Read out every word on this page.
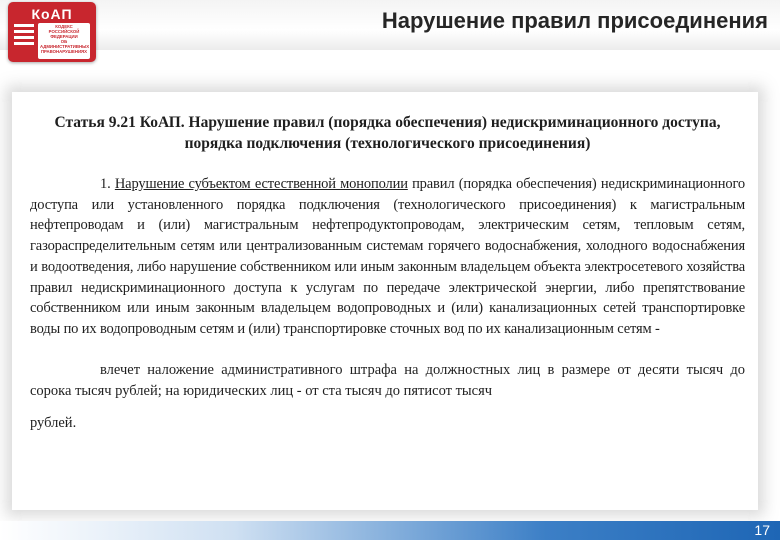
КоАП
КОДЕКС
РОССИЙСКОЙ ФЕДЕРАЦИИ
ОБ АДМИНИСТРАТИВНЫХ
ПРАВОНАРУШЕНИЯХ
Нарушение правил присоединения

Статья 9.21 КоАП. Нарушение правил (порядка обеспечения) недискриминационного доступа, порядка подключения (технологического присоединения)

1. Нарушение субъектом естественной монополии правил (порядка обеспечения) недискриминационного доступа или установленного порядка подключения (технологического присоединения) к магистральным нефтепроводам и (или) магистральным нефтепродуктопроводам, электрическим сетям, тепловым сетям, газораспределительным сетям или централизованным системам горячего водоснабжения, холодного водоснабжения и водоотведения, либо нарушение собственником или иным законным владельцем объекта электросетевого хозяйства правил недискриминационного доступа к услугам по передаче электрической энергии, либо препятствование собственником или иным законным владельцем водопроводных и (или) канализационных сетей транспортировке воды по их водопроводным сетям и (или) транспортировке сточных вод по их канализационным сетям -

влечет наложение административного штрафа на должностных лиц в размере от десяти тысяч до сорока тысяч рублей; на юридических лиц - от ста тысяч до пятисот тысяч
рублей.

17
